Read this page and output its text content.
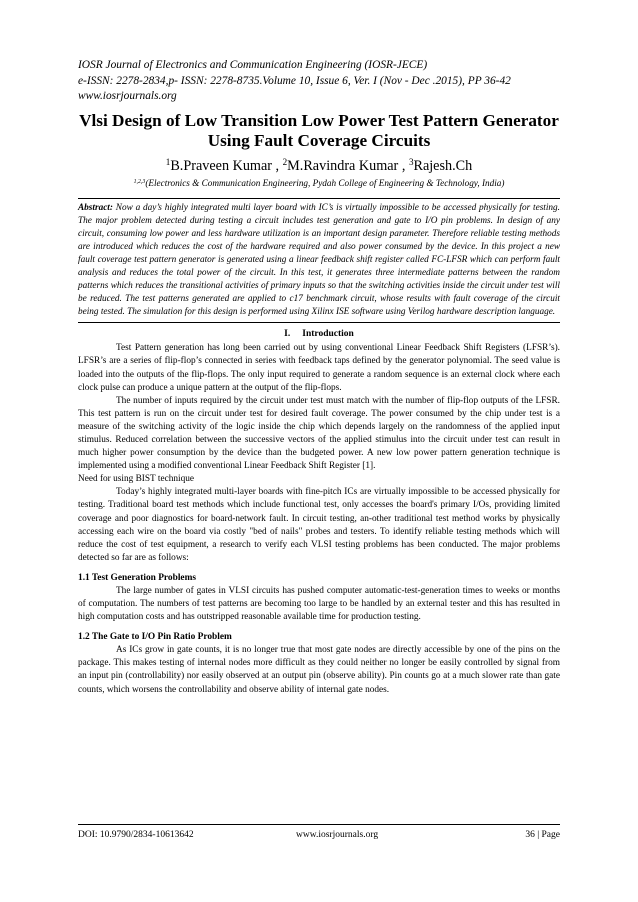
IOSR Journal of Electronics and Communication Engineering (IOSR-JECE)

e-ISSN: 2278-2834,p- ISSN: 2278-8735.Volume 10, Issue 6, Ver. I (Nov - Dec .2015), PP 36-42

www.iosrjournals.org

Vlsi Design of Low Transition Low Power Test Pattern Generator
Using Fault Coverage Circuits
$^1$B.Praveen Kumar , $^2$M.Ravindra Kumar , $^3$Rajesh.Ch
$^{1,2,3}$(Electronics & Communication Engineering, Pydah College of Engineering & Technology, India)

Abstract: Now a day’s highly integrated multi layer board with IC’s is virtually impossible to be accessed physically for testing. The major problem detected during testing a circuit includes test generation and gate to I/O pin problems. In design of any circuit, consuming low power and less hardware utilization is an important design parameter. Therefore reliable testing methods are introduced which reduces the cost of the hardware required and also power consumed by the device. In this project a new fault coverage test pattern generator is generated using a linear feedback shift register called FC-LFSR which can perform fault analysis and reduces the total power of the circuit. In this test, it generates three intermediate patterns between the random patterns which reduces the transitional activities of primary inputs so that the switching activities inside the circuit under test will be reduced. The test patterns generated are applied to c17 benchmark circuit, whose results with fault coverage of the circuit being tested. The simulation for this design is performed using Xilinx ISE software using Verilog hardware description language.

I. Introduction

Test Pattern generation has long been carried out by using conventional Linear Feedback Shift Registers (LFSR’s). LFSR’s are a series of flip-flop’s connected in series with feedback taps defined by the generator polynomial. The seed value is loaded into the outputs of the flip-flops. The only input required to generate a random sequence is an external clock where each clock pulse can produce a unique pattern at the output of the flip-flops.

The number of inputs required by the circuit under test must match with the number of flip-flop outputs of the LFSR. This test pattern is run on the circuit under test for desired fault coverage. The power consumed by the chip under test is a measure of the switching activity of the logic inside the chip which depends largely on the randomness of the applied input stimulus. Reduced correlation between the successive vectors of the applied stimulus into the circuit under test can result in much higher power consumption by the device than the budgeted power. A new low power pattern generation technique is implemented using a modified conventional Linear Feedback Shift Register [1].

Need for using BIST technique

Today’s highly integrated multi-layer boards with fine-pitch ICs are virtually impossible to be accessed physically for testing. Traditional board test methods which include functional test, only accesses the board's primary I/Os, providing limited coverage and poor diagnostics for board-network fault. In circuit testing, an-other traditional test method works by physically accessing each wire on the board via costly "bed of nails" probes and testers. To identify reliable testing methods which will reduce the cost of test equipment, a research to verify each VLSI testing problems has been conducted. The major problems detected so far are as follows:

1.1 Test Generation Problems

The large number of gates in VLSI circuits has pushed computer automatic-test-generation times to weeks or months of computation. The numbers of test patterns are becoming too large to be handled by an external tester and this has resulted in high computation costs and has outstripped reasonable available time for production testing.

1.2 The Gate to I/O Pin Ratio Problem

As ICs grow in gate counts, it is no longer true that most gate nodes are directly accessible by one of the pins on the package. This makes testing of internal nodes more difficult as they could neither no longer be easily controlled by signal from an input pin (controllability) nor easily observed at an output pin (observe ability). Pin counts go at a much slower rate than gate counts, which worsens the controllability and observe ability of internal gate nodes.

DOI: 10.9790/2834-10613642	www.iosrjournals.org	36 | Page
